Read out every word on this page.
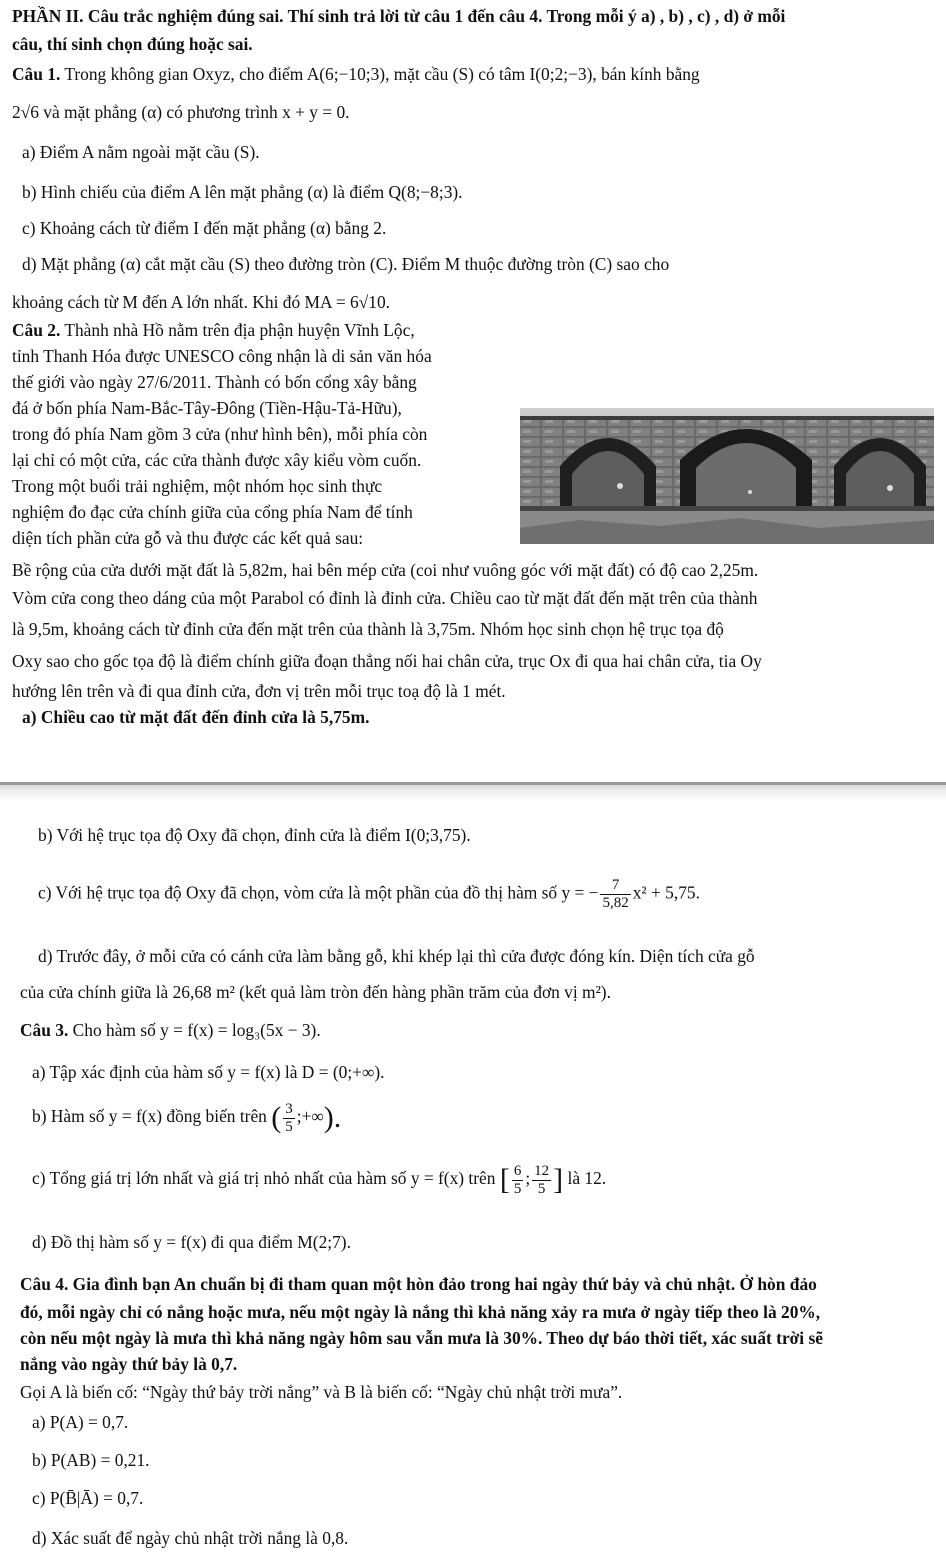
PHẦN II. Câu trắc nghiệm đúng sai. Thí sinh trả lời từ câu 1 đến câu 4. Trong mỗi ý a) , b) , c) , d) ở mỗi
câu, thí sinh chọn đúng hoặc sai.
Câu 1. Trong không gian Oxyz, cho điểm A(6;−10;3), mặt cầu (S) có tâm I(0;2;−3), bán kính bằng
2√6 và mặt phẳng (α) có phương trình x + y = 0.
a) Điểm A nằm ngoài mặt cầu (S).
b) Hình chiếu của điểm A lên mặt phẳng (α) là điểm Q(8;−8;3).
c) Khoảng cách từ điểm I đến mặt phẳng (α) bằng 2.
d) Mặt phẳng (α) cắt mặt cầu (S) theo đường tròn (C). Điểm M thuộc đường tròn (C) sao cho
khoảng cách từ M đến A lớn nhất. Khi đó MA = 6√10.
Câu 2. Thành nhà Hồ nằm trên địa phận huyện Vĩnh Lộc,
tỉnh Thanh Hóa được UNESCO công nhận là di sản văn hóa
thế giới vào ngày 27/6/2011. Thành có bốn cổng xây bằng
đá ở bốn phía Nam-Bắc-Tây-Đông (Tiền-Hậu-Tả-Hữu),
trong đó phía Nam gồm 3 cửa (như hình bên), mỗi phía còn
lại chỉ có một cửa, các cửa thành được xây kiểu vòm cuốn.
Trong một buổi trải nghiệm, một nhóm học sinh thực
nghiệm đo đạc cửa chính giữa của cổng phía Nam để tính
diện tích phần cửa gỗ và thu được các kết quả sau:
Bề rộng của cửa dưới mặt đất là 5,82m, hai bên mép cửa (coi như vuông góc với mặt đất) có độ cao 2,25m.
Vòm cửa cong theo dáng của một Parabol có đỉnh là đỉnh cửa. Chiều cao từ mặt đất đến mặt trên của thành
là 9,5m, khoảng cách từ đỉnh cửa đến mặt trên của thành là 3,75m. Nhóm học sinh chọn hệ trục tọa độ
Oxy sao cho gốc tọa độ là điểm chính giữa đoạn thẳng nối hai chân cửa, trục Ox đi qua hai chân cửa, tia Oy
hướng lên trên và đi qua đỉnh cửa, đơn vị trên mỗi trục toạ độ là 1 mét.
a) Chiều cao từ mặt đất đến đỉnh cửa là 5,75m.
b) Với hệ trục tọa độ Oxy đã chọn, đỉnh cửa là điểm I(0;3,75).
c) Với hệ trục tọa độ Oxy đã chọn, vòm cửa là một phần của đồ thị hàm số y = − $\frac{7}{5,82} x^2 + 5,75$.
d) Trước đây, ở mỗi cửa có cánh cửa làm bằng gỗ, khi khép lại thì cửa được đóng kín. Diện tích cửa gỗ
của cửa chính giữa là 26,68 m² (kết quả làm tròn đến hàng phần trăm của đơn vị m²).
Câu 3. Cho hàm số y = f(x) = log₃(5x − 3).
a) Tập xác định của hàm số y = f(x) là D = (0;+∞).
b) Hàm số y = f(x) đồng biến trên ( $\frac{3}{5}$ ;+∞).
c) Tổng giá trị lớn nhất và giá trị nhỏ nhất của hàm số y = f(x) trên [ $\frac{6}{5}$ ; $\frac{12}{5}$ ] là 12.
d) Đồ thị hàm số y = f(x) đi qua điểm M(2;7).
Câu 4. Gia đình bạn An chuẩn bị đi tham quan một hòn đảo trong hai ngày thứ bảy và chủ nhật. Ở hòn đảo
đó, mỗi ngày chỉ có nắng hoặc mưa, nếu một ngày là nắng thì khả năng xảy ra mưa ở ngày tiếp theo là 20%,
còn nếu một ngày là mưa thì khả năng ngày hôm sau vẫn mưa là 30%. Theo dự báo thời tiết, xác suất trời sẽ
nắng vào ngày thứ bảy là 0,7.
Gọi A là biến cố: “Ngày thứ bảy trời nắng” và B là biến cố: “Ngày chủ nhật trời mưa”.
a) P(A) = 0,7.
b) P(AB) = 0,21.
c) P(B̄|Ā) = 0,7.
d) Xác suất để ngày chủ nhật trời nắng là 0,8.
